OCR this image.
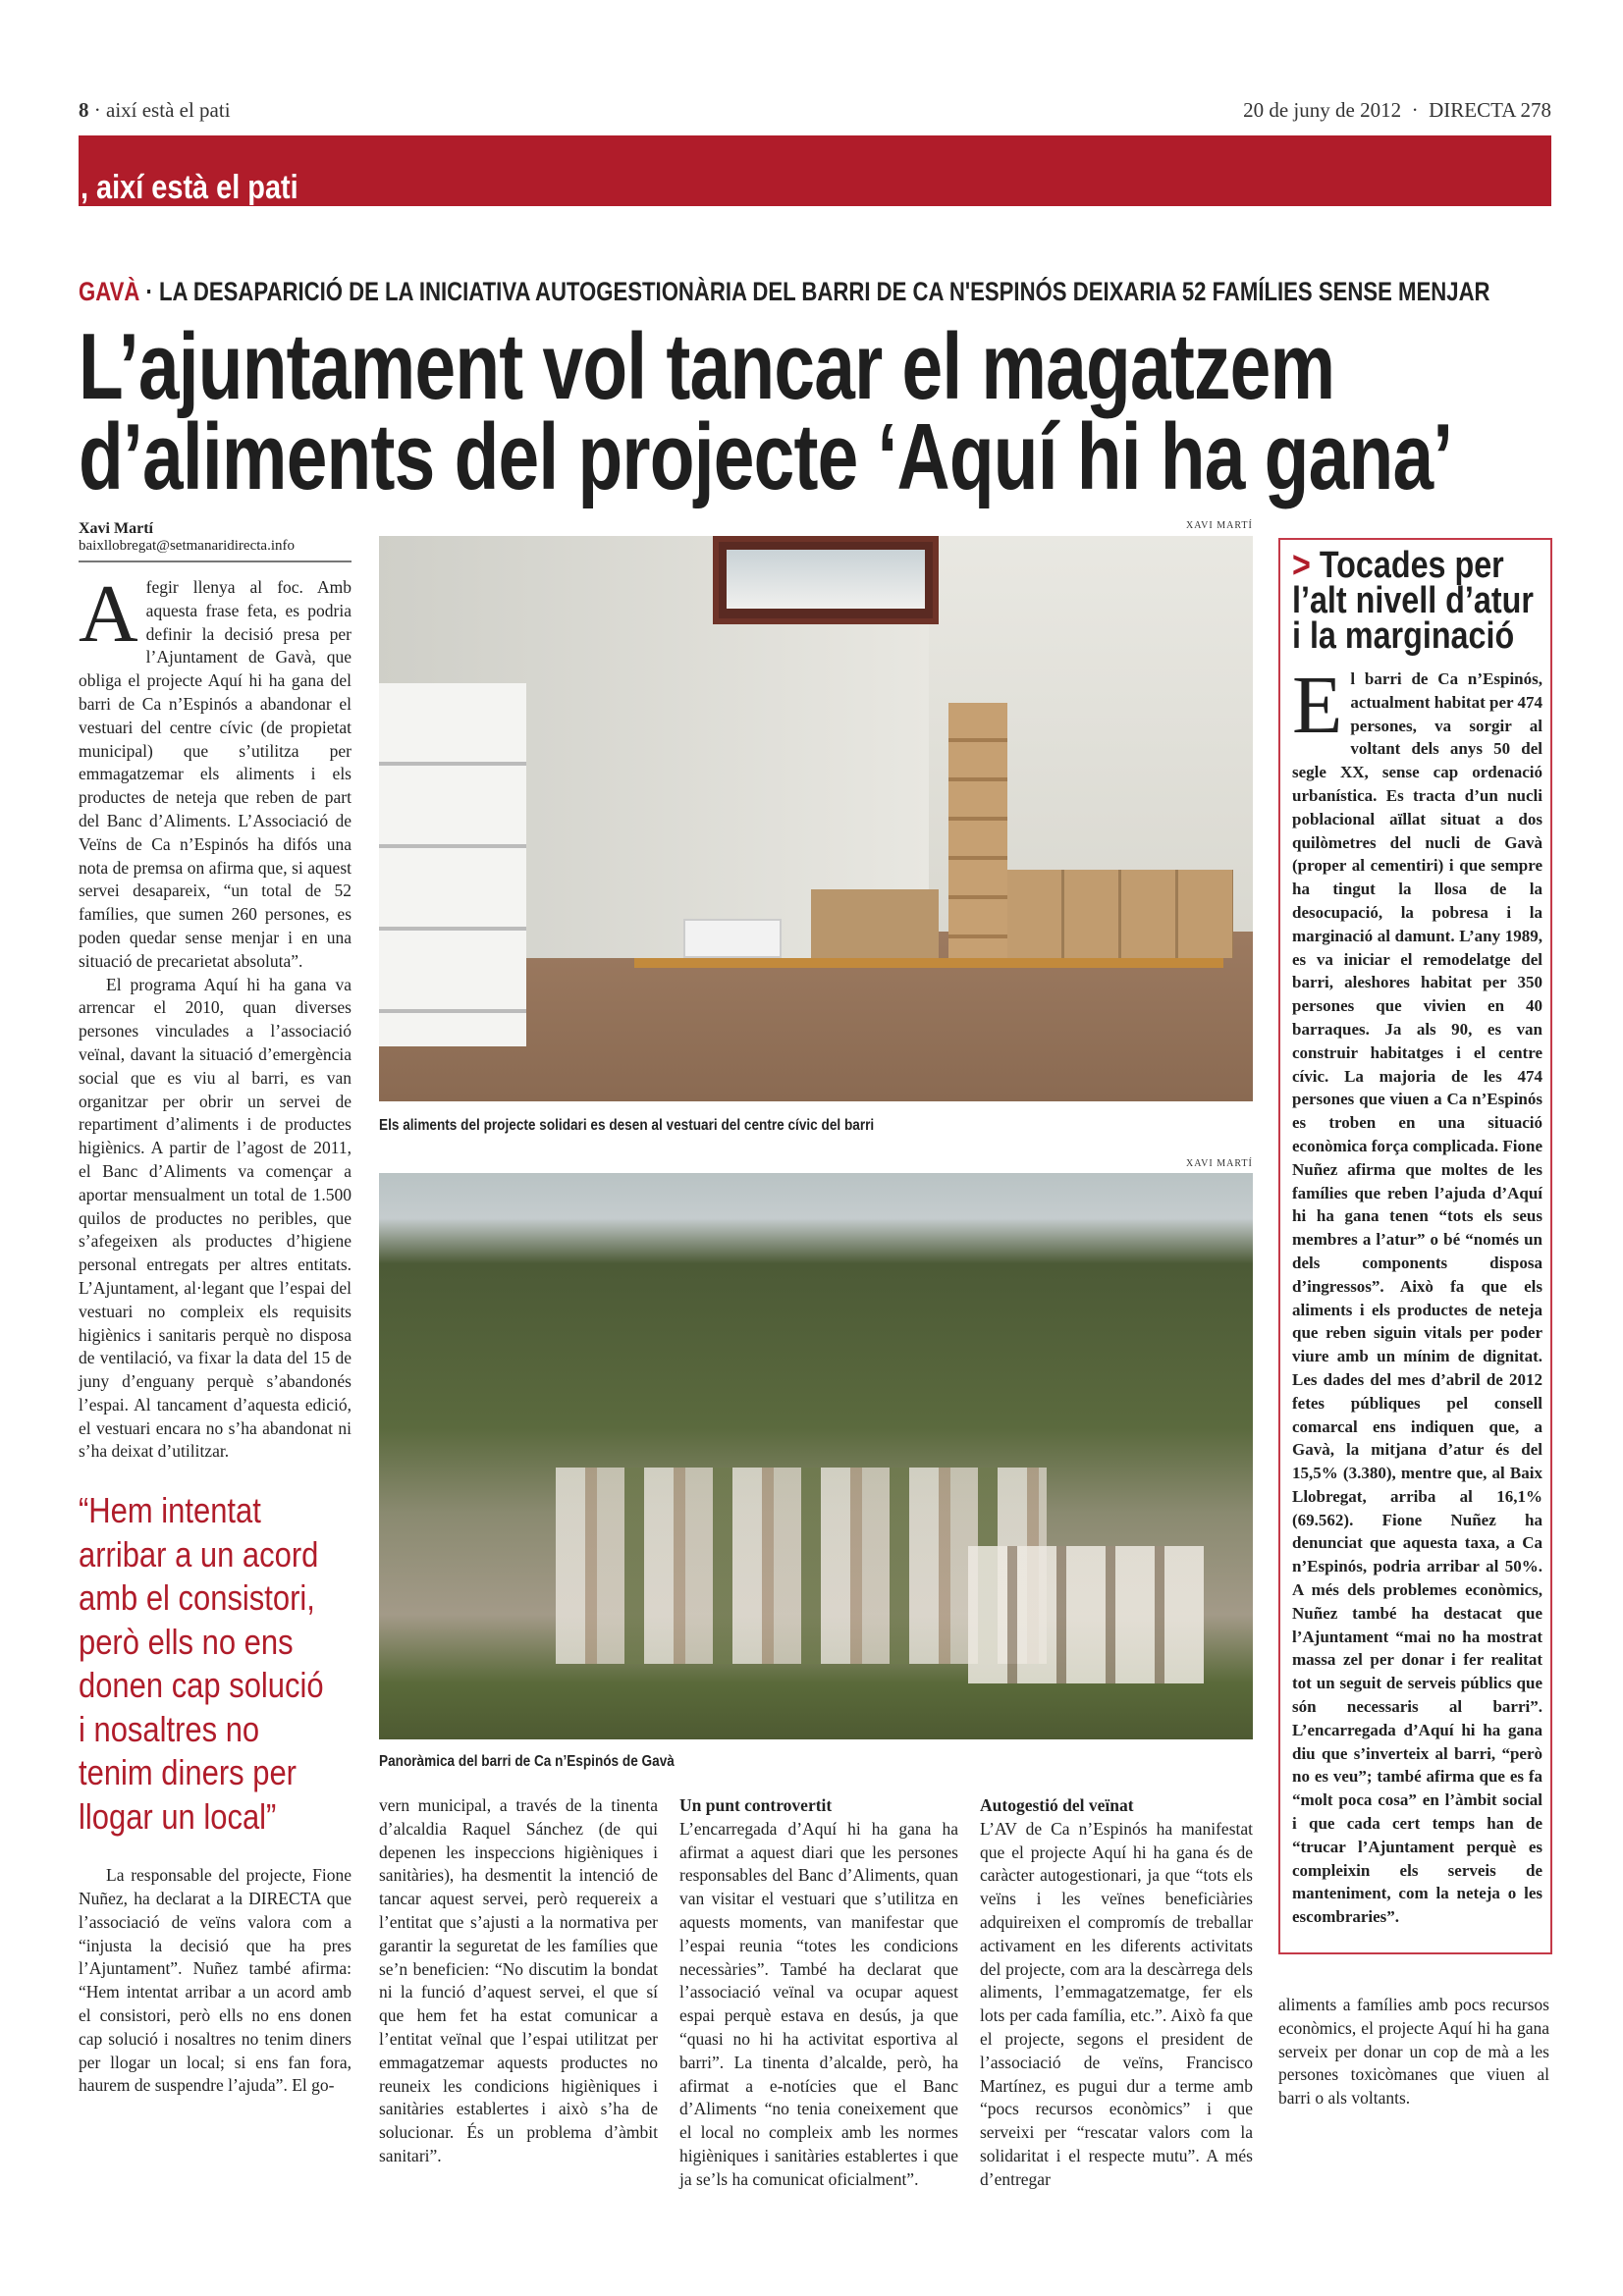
8 · així està el pati	20 de juny de 2012  ·  DIRECTA 278
, així està el pati
GAVÀ · LA DESAPARICIÓ DE LA INICIATIVA AUTOGESTIONÀRIA DEL BARRI DE CA N'ESPINÓS DEIXARIA 52 FAMÍLIES SENSE MENJAR
L’ajuntament vol tancar el magatzem
d’aliments del projecte ‘Aquí hi ha gana’
Xavi Martí
baixllobregat@setmanaridirecta.info

Afegir llenya al foc. Amb aquesta frase feta, es podria definir la decisió presa per l’Ajuntament de Gavà, que obliga el projecte Aquí hi ha gana del barri de Ca n’Espinós a abandonar el vestuari del centre cívic (de propietat municipal) que s’utilitza per emmagatzemar els aliments i els productes de neteja que reben de part del Banc d’Aliments. L’Associació de Veïns de Ca n’Espinós ha difós una nota de premsa on afirma que, si aquest servei desapareix, “un total de 52 famílies, que sumen 260 persones, es poden quedar sense menjar i en una situació de precarietat absoluta”.

El programa Aquí hi ha gana va arrencar el 2010, quan diverses persones vinculades a l’associació veïnal, davant la situació d’emergència social que es viu al barri, es van organitzar per obrir un servei de repartiment d’aliments i de productes higiènics. A partir de l’agost de 2011, el Banc d’Aliments va començar a aportar mensualment un total de 1.500 quilos de productes no peribles, que s’afegeixen als productes d’higiene personal entregats per altres entitats. L’Ajuntament, al·legant que l’espai del vestuari no compleix els requisits higiènics i sanitaris perquè no disposa de ventilació, va fixar la data del 15 de juny d’enguany perquè s’abandonés l’espai. Al tancament d’aquesta edició, el vestuari encara no s’ha abandonat ni s’ha deixat d’utilitzar.

“Hem intentat arribar a un acord amb el consistori, però ells no ens donen cap solució i nosaltres no tenim diners per llogar un local”

La responsable del projecte, Fione Nuñez, ha declarat a la DIRECTA que l’associació de veïns valora com a “injusta la decisió que ha pres l’Ajuntament”. Nuñez també afirma: “Hem intentat arribar a un acord amb el consistori, però ells no ens donen cap solució i nosaltres no tenim diners per llogar un local; si ens fan fora, haurem de suspendre l’ajuda”. El go-

XAVI MARTÍ
Els aliments del projecte solidari es desen al vestuari del centre cívic del barri
XAVI MARTÍ
Panoràmica del barri de Ca n’Espinós de Gavà

vern municipal, a través de la tinenta d’alcaldia Raquel Sánchez (de qui depenen les inspeccions higièniques i sanitàries), ha desmentit la intenció de tancar aquest servei, però requereix a l’entitat que s’ajusti a la normativa per garantir la seguretat de les famílies que se’n beneficien: “No discutim la bondat ni la funció d’aquest servei, el que sí que hem fet ha estat comunicar a l’entitat veïnal que l’espai utilitzat per emmagatzemar aquests productes no reuneix les condicions higièniques i sanitàries establertes i això s’ha de solucionar. És un problema d’àmbit sanitari”.

Un punt controvertit

L’encarregada d’Aquí hi ha gana ha afirmat a aquest diari que les persones responsables del Banc d’Aliments, quan van visitar el vestuari que s’utilitza en aquests moments, van manifestar que l’espai reunia “totes les condicions necessàries”. També ha declarat que l’associació veïnal va ocupar aquest espai perquè estava en desús, ja que “quasi no hi ha activitat esportiva al barri”. La tinenta d’alcalde, però, ha afirmat a e-notícies que el Banc d’Aliments “no tenia coneixement que el local no compleix amb les normes higièniques i sanitàries establertes i que ja se’ls ha comunicat oficialment”.

Autogestió del veïnat

L’AV de Ca n’Espinós ha manifestat que el projecte Aquí hi ha gana és de caràcter autogestionari, ja que “tots els veïns i les veïnes beneficiàries adquireixen el compromís de treballar activament en les diferents activitats del projecte, com ara la descàrrega dels aliments, l’emmagatzematge, fer els lots per cada família, etc.”. Això fa que el projecte, segons el president de l’associació de veïns, Francisco Martínez, es pugui dur a terme amb “pocs recursos econòmics” i que serveixi per “rescatar valors com la solidaritat i el respecte mutu”. A més d’entregar

> Tocades per l’alt nivell d’atur i la marginació

El barri de Ca n’Espinós, actualment habitat per 474 persones, va sorgir al voltant dels anys 50 del segle XX, sense cap ordenació urbanística. Es tracta d’un nucli poblacional aïllat situat a dos quilòmetres del nucli de Gavà (proper al cementiri) i que sempre ha tingut la llosa de la desocupació, la pobresa i la marginació al damunt. L’any 1989, es va iniciar el remodelatge del barri, aleshores habitat per 350 persones que vivien en 40 barraques. Ja als 90, es van construir habitatges i el centre cívic. La majoria de les 474 persones que viuen a Ca n’Espinós es troben en una situació econòmica força complicada. Fione Nuñez afirma que moltes de les famílies que reben l’ajuda d’Aquí hi ha gana tenen “tots els seus membres a l’atur” o bé “només un dels components disposa d’ingressos”. Això fa que els aliments i els productes de neteja que reben siguin vitals per poder viure amb un mínim de dignitat. Les dades del mes d’abril de 2012 fetes públiques pel consell comarcal ens indiquen que, a Gavà, la mitjana d’atur és del 15,5% (3.380), mentre que, al Baix Llobregat, arriba al 16,1% (69.562). Fione Nuñez ha denunciat que aquesta taxa, a Ca n’Espinós, podria arribar al 50%. A més dels problemes econòmics, Nuñez també ha destacat que l’Ajuntament “mai no ha mostrat massa zel per donar i fer realitat tot un seguit de serveis públics que són necessaris al barri”. L’encarregada d’Aquí hi ha gana diu que s’inverteix al barri, “però no es veu”; també afirma que es fa “molt poca cosa” en l’àmbit social i que cada cert temps han de “trucar l’Ajuntament perquè es compleixin els serveis de manteniment, com la neteja o les escombraries”.

aliments a famílies amb pocs recursos econòmics, el projecte Aquí hi ha gana serveix per donar un cop de mà a les persones toxicòmanes que viuen al barri o als voltants.
